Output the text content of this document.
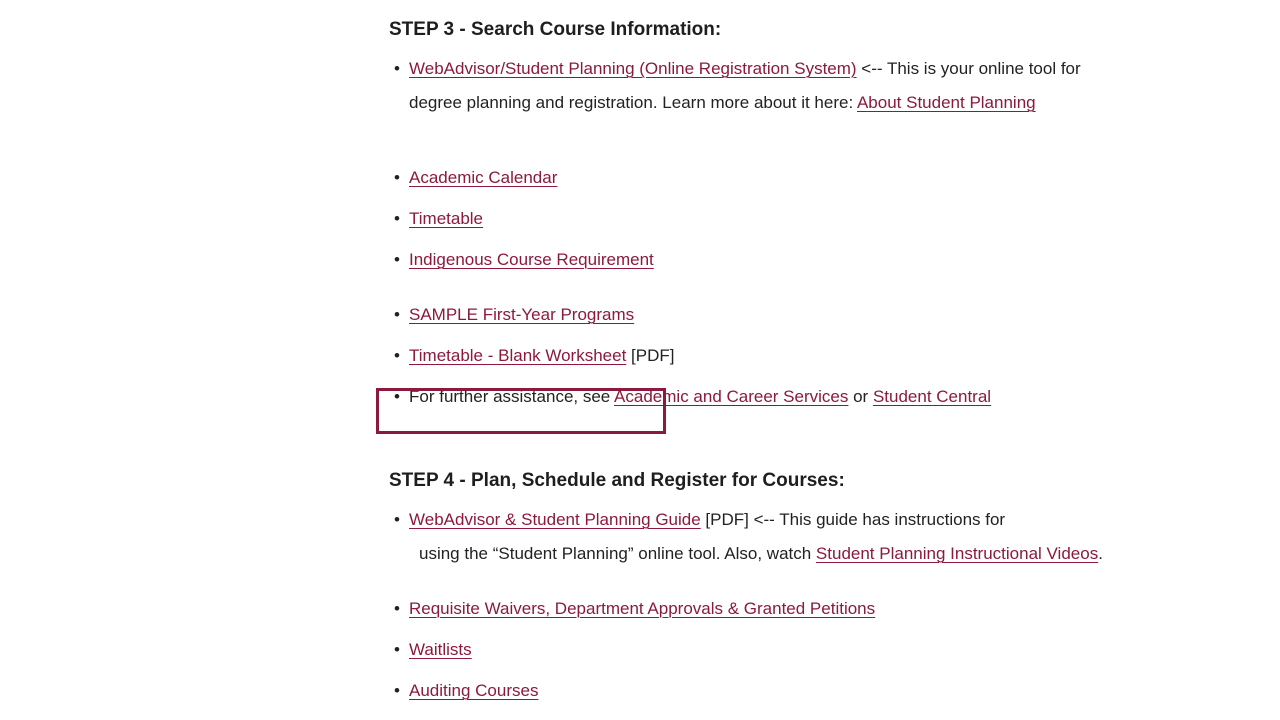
STEP 3 - Search Course Information:
• WebAdvisor/Student Planning (Online Registration System) <-- This is your online tool for
degree planning and registration. Learn more about it here: About Student Planning
• Academic Calendar
• Timetable
• Indigenous Course Requirement
• SAMPLE First-Year Programs
• Timetable - Blank Worksheet [PDF]
• For further assistance, see Academic and Career Services or Student Central
STEP 4 - Plan, Schedule and Register for Courses:
• WebAdvisor & Student Planning Guide [PDF] <-- This guide has instructions for
using the “Student Planning” online tool. Also, watch Student Planning Instructional Videos.
• Requisite Waivers, Department Approvals & Granted Petitions
• Waitlists
• Auditing Courses
